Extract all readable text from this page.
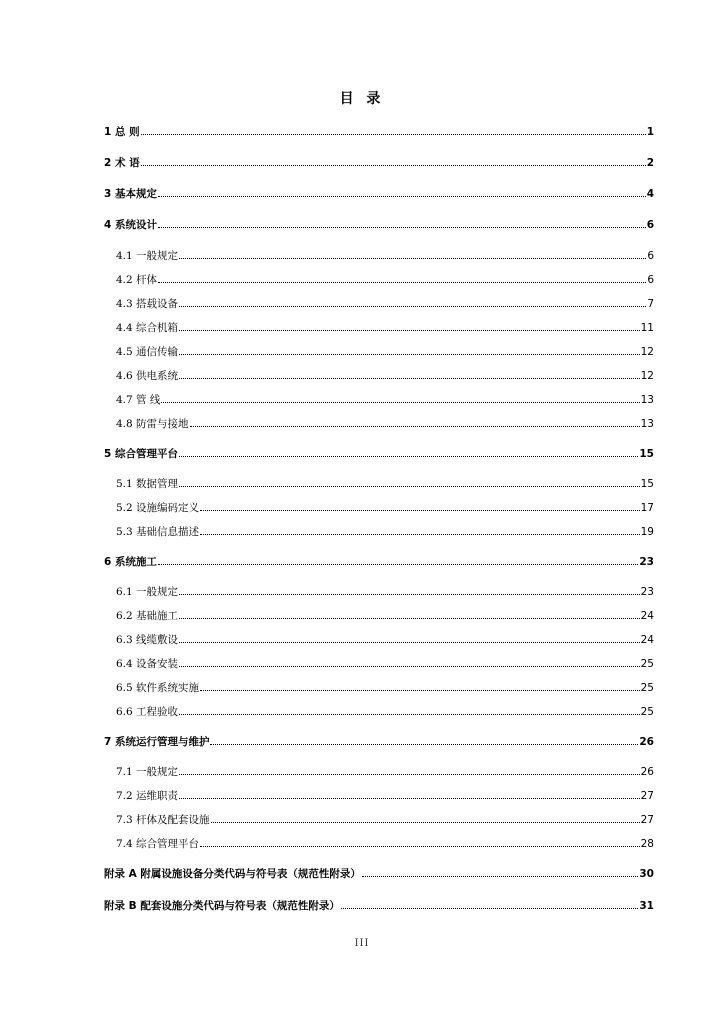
目 录
1 总 则	1
2 术 语	2
3 基本规定	4
4 系统设计	6
4.1 一般规定	6
4.2 杆体	6
4.3 搭载设备	7
4.4 综合机箱	11
4.5 通信传输	12
4.6 供电系统	12
4.7 管 线	13
4.8 防雷与接地	13
5 综合管理平台	15
5.1 数据管理	15
5.2 设施编码定义	17
5.3 基础信息描述	19
6 系统施工	23
6.1 一般规定	23
6.2 基础施工	24
6.3 线缆敷设	24
6.4 设备安装	25
6.5 软件系统实施	25
6.6 工程验收	25
7 系统运行管理与维护	26
7.1 一般规定	26
7.2 运维职责	27
7.3 杆体及配套设施	27
7.4 综合管理平台	28
附录 A 附属设施设备分类代码与符号表（规范性附录）	30
附录 B 配套设施分类代码与符号表（规范性附录）	31
III
